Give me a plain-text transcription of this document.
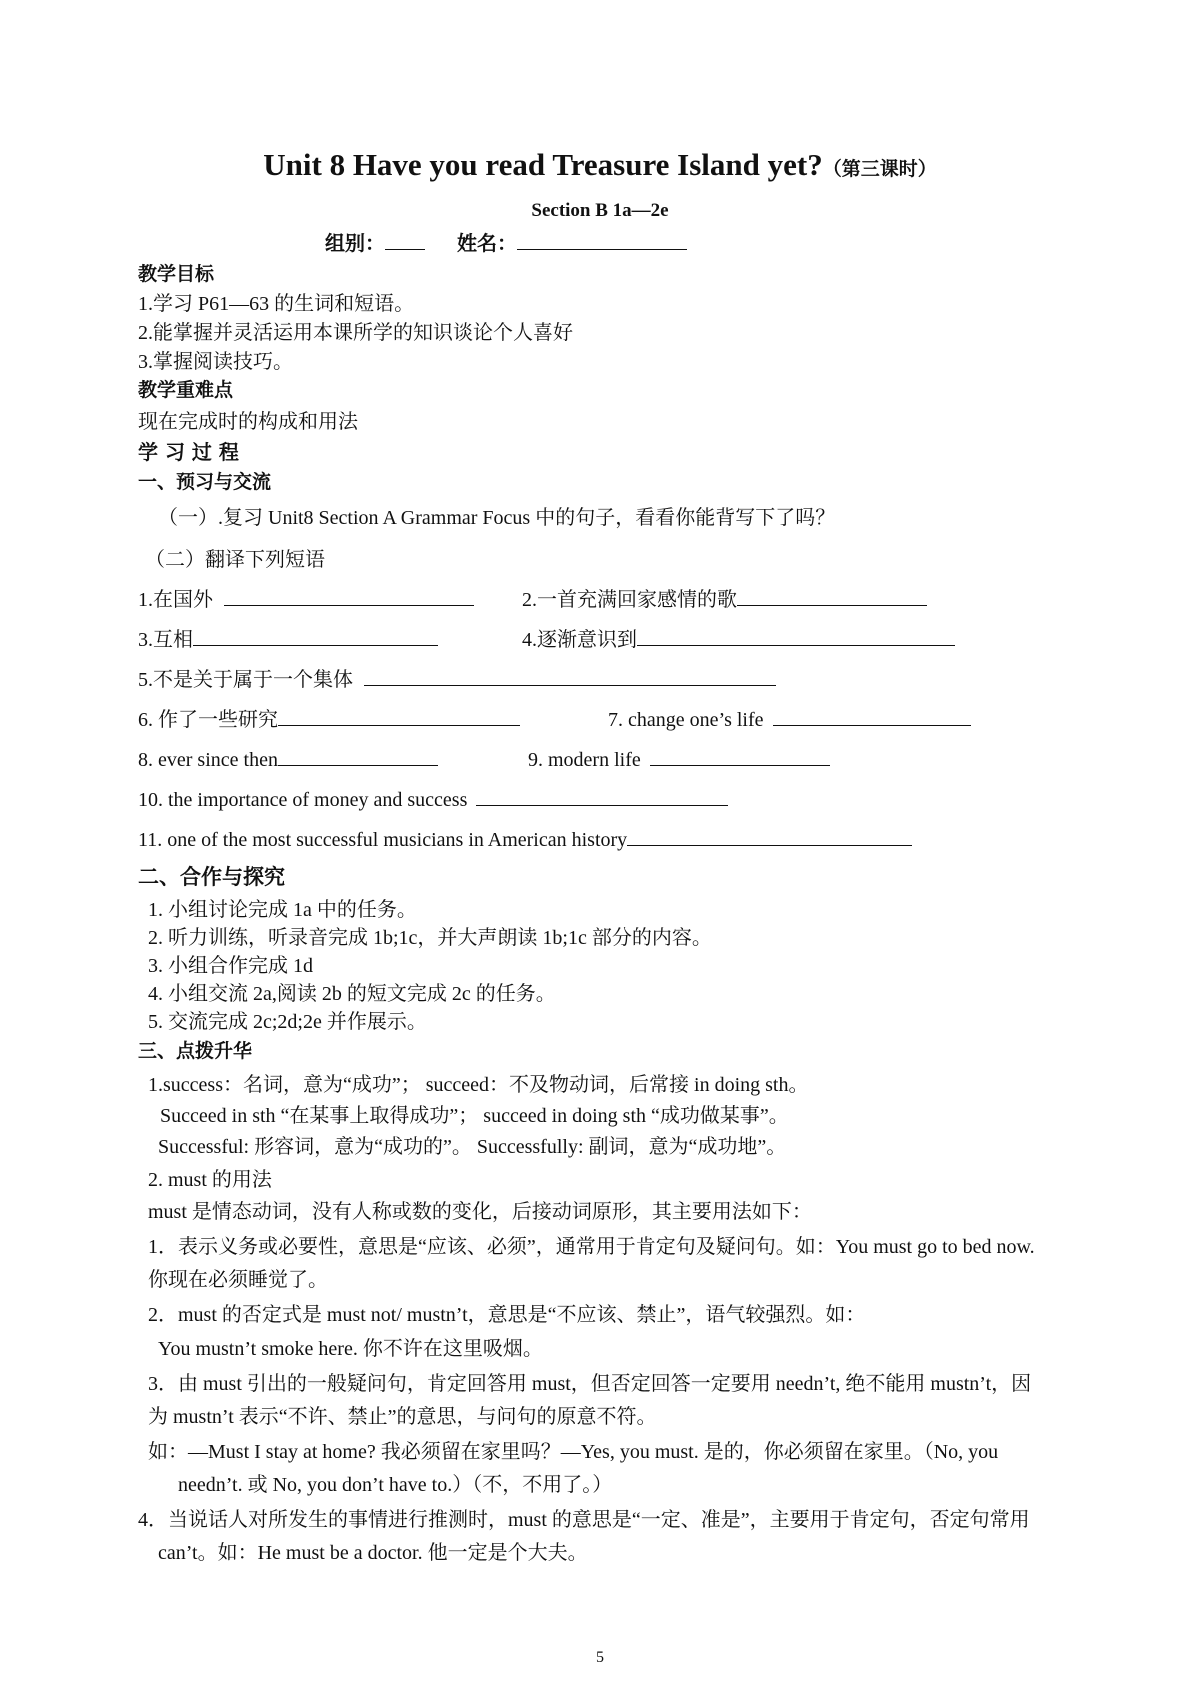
Unit 8 Have you read Treasure Island yet?（第三课时）
Section B 1a—2e
组别：	姓名：
教学目标
1.学习 P61—63 的生词和短语。
2.能掌握并灵活运用本课所学的知识谈论个人喜好
3.掌握阅读技巧。
教学重难点
现在完成时的构成和用法
学 习 过 程
一、预习与交流
（一）.复习 Unit8 Section A Grammar Focus 中的句子，看看你能背写下了吗？
（二）翻译下列短语
1.在国外	2.一首充满回家感情的歌
3.互相	4.逐渐意识到
5.不是关于属于一个集体
6. 作了一些研究	7. change one’s life
8. ever since then	9. modern life
10. the importance of money and success
11. one of the most successful musicians in American history
二、合作与探究
1. 小组讨论完成 1a 中的任务。
2. 听力训练，听录音完成 1b;1c，并大声朗读 1b;1c 部分的内容。
3. 小组合作完成 1d
4. 小组交流 2a,阅读 2b 的短文完成 2c 的任务。
5. 交流完成 2c;2d;2e 并作展示。
三、点拨升华
1.success：名词，意为“成功”； succeed：不及物动词，后常接 in doing sth。
Succeed in sth “在某事上取得成功”； succeed in doing sth “成功做某事”。
Successful: 形容词，意为“成功的”。 Successfully: 副词，意为“成功地”。
2. must 的用法
must 是情态动词，没有人称或数的变化，后接动词原形，其主要用法如下：
1．表示义务或必要性，意思是“应该、必须”，通常用于肯定句及疑问句。如：You must go to bed now.
你现在必须睡觉了。
2．must 的否定式是 must not/ mustn’t，意思是“不应该、禁止”，语气较强烈。如：
You mustn’t smoke here. 你不许在这里吸烟。
3．由 must 引出的一般疑问句，肯定回答用 must，但否定回答一定要用 needn’t, 绝不能用 mustn’t，因
为 mustn’t 表示“不许、禁止”的意思，与问句的原意不符。
如：—Must I stay at home? 我必须留在家里吗？—Yes, you must. 是的，你必须留在家里。（No, you
needn’t. 或 No, you don’t have to.）（不，不用了。）
4．当说话人对所发生的事情进行推测时，must 的意思是“一定、准是”，主要用于肯定句，否定句常用
can’t。如：He must be a doctor. 他一定是个大夫。
5
